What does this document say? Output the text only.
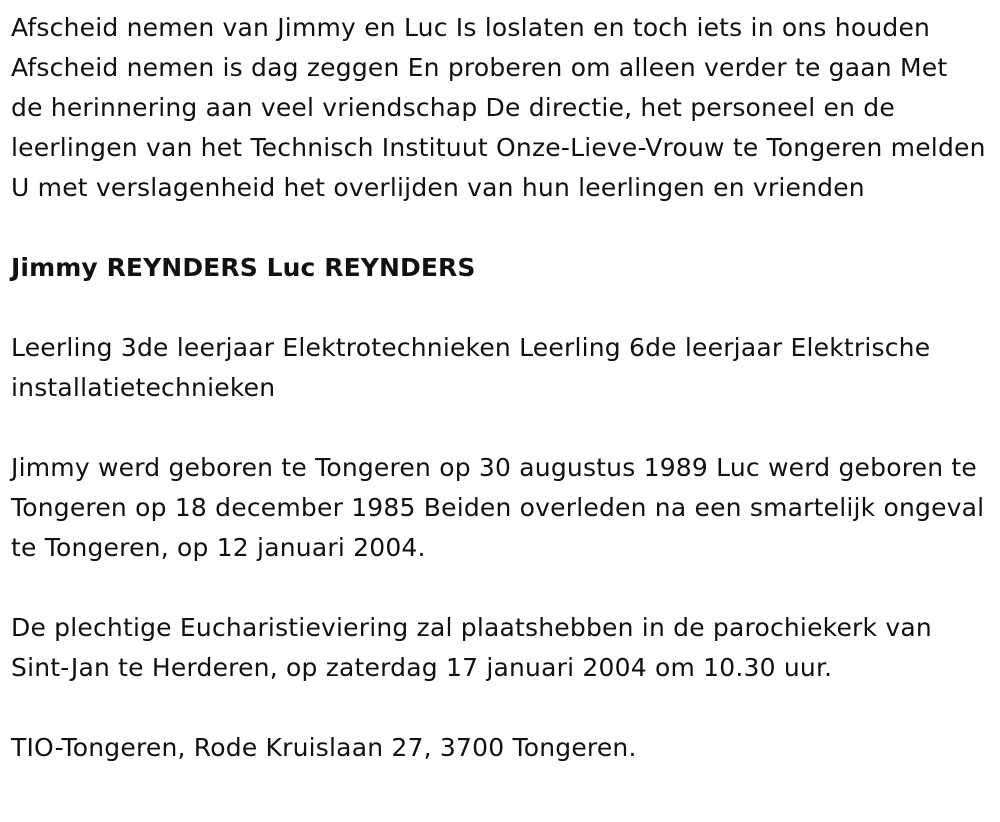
Afscheid nemen van Jimmy en Luc Is loslaten en toch iets in ons houden Afscheid nemen is dag zeggen En proberen om alleen verder te gaan Met de herinnering aan veel vriendschap De directie, het personeel en de leerlingen van het Technisch Instituut Onze-Lieve-Vrouw te Tongeren melden U met verslagenheid het overlijden van hun leerlingen en vrienden

Jimmy REYNDERS Luc REYNDERS

Leerling 3de leerjaar Elektrotechnieken Leerling 6de leerjaar Elektrische installatietechnieken

Jimmy werd geboren te Tongeren op 30 augustus 1989 Luc werd geboren te Tongeren op 18 december 1985 Beiden overleden na een smartelijk ongeval te Tongeren, op 12 januari 2004.

De plechtige Eucharistieviering zal plaatshebben in de parochiekerk van Sint-Jan te Herderen, op zaterdag 17 januari 2004 om 10.30 uur.

TIO-Tongeren, Rode Kruislaan 27, 3700 Tongeren.
